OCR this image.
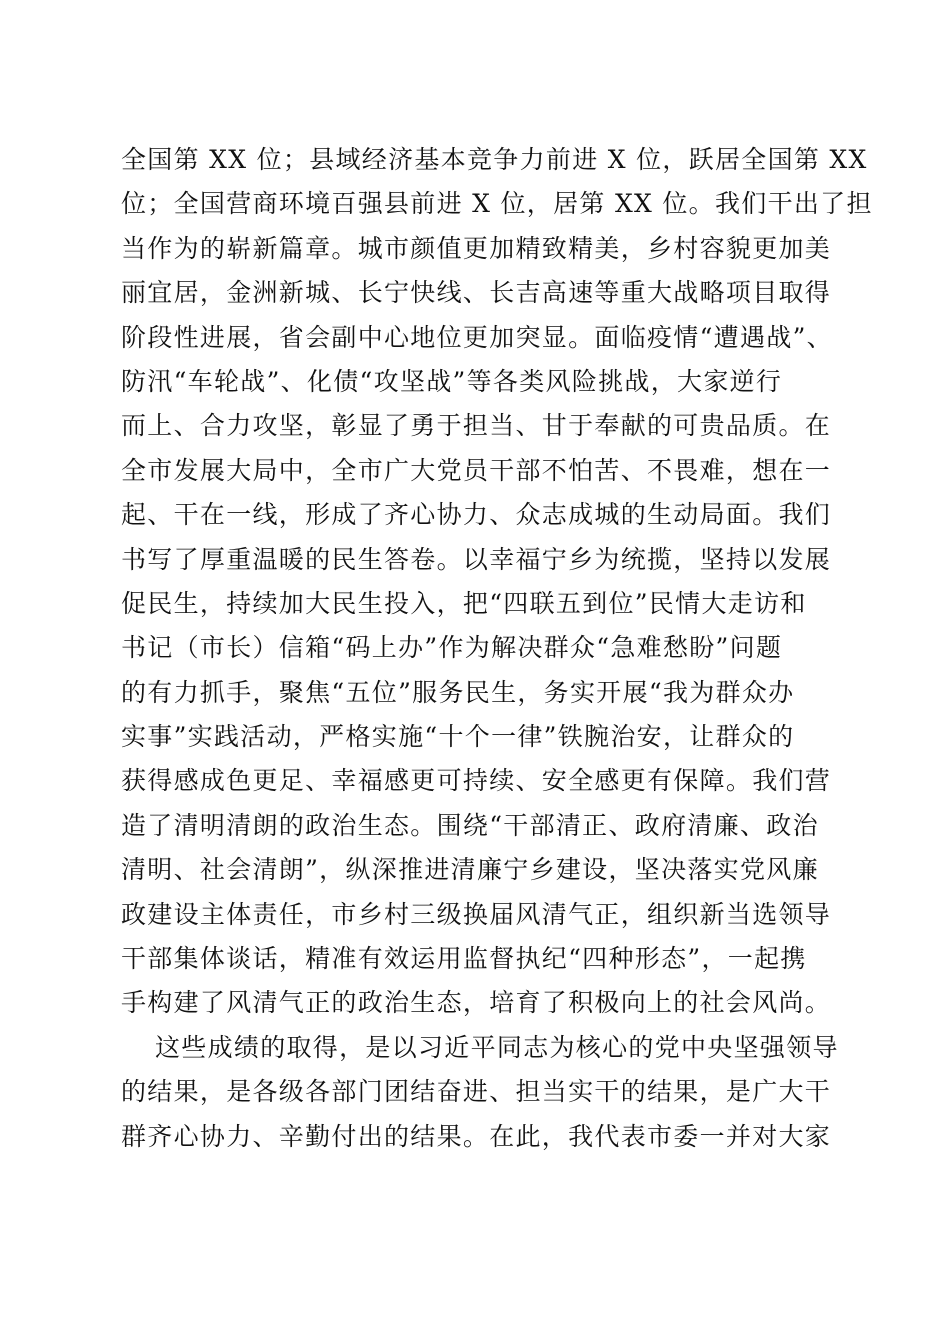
全国第 XX 位；县域经济基本竞争力前进 X 位，跃居全国第 XX
位；全国营商环境百强县前进 X 位，居第 XX 位。我们干出了担
当作为的崭新篇章。城市颜值更加精致精美，乡村容貌更加美
丽宜居，金洲新城、长宁快线、长吉高速等重大战略项目取得
阶段性进展，省会副中心地位更加突显。面临疫情“遭遇战”、
防汛“车轮战”、化债“攻坚战”等各类风险挑战，大家逆行
而上、合力攻坚，彰显了勇于担当、甘于奉献的可贵品质。在
全市发展大局中，全市广大党员干部不怕苦、不畏难，想在一
起、干在一线，形成了齐心协力、众志成城的生动局面。我们
书写了厚重温暖的民生答卷。以幸福宁乡为统揽，坚持以发展
促民生，持续加大民生投入，把“四联五到位”民情大走访和
书记（市长）信箱“码上办”作为解决群众“急难愁盼”问题
的有力抓手，聚焦“五位”服务民生，务实开展“我为群众办
实事”实践活动，严格实施“十个一律”铁腕治安，让群众的
获得感成色更足、幸福感更可持续、安全感更有保障。我们营
造了清明清朗的政治生态。围绕“干部清正、政府清廉、政治
清明、社会清朗”，纵深推进清廉宁乡建设，坚决落实党风廉
政建设主体责任，市乡村三级换届风清气正，组织新当选领导
干部集体谈话，精准有效运用监督执纪“四种形态”，一起携
手构建了风清气正的政治生态，培育了积极向上的社会风尚。
这些成绩的取得，是以习近平同志为核心的党中央坚强领导
的结果，是各级各部门团结奋进、担当实干的结果，是广大干
群齐心协力、辛勤付出的结果。在此，我代表市委一并对大家
